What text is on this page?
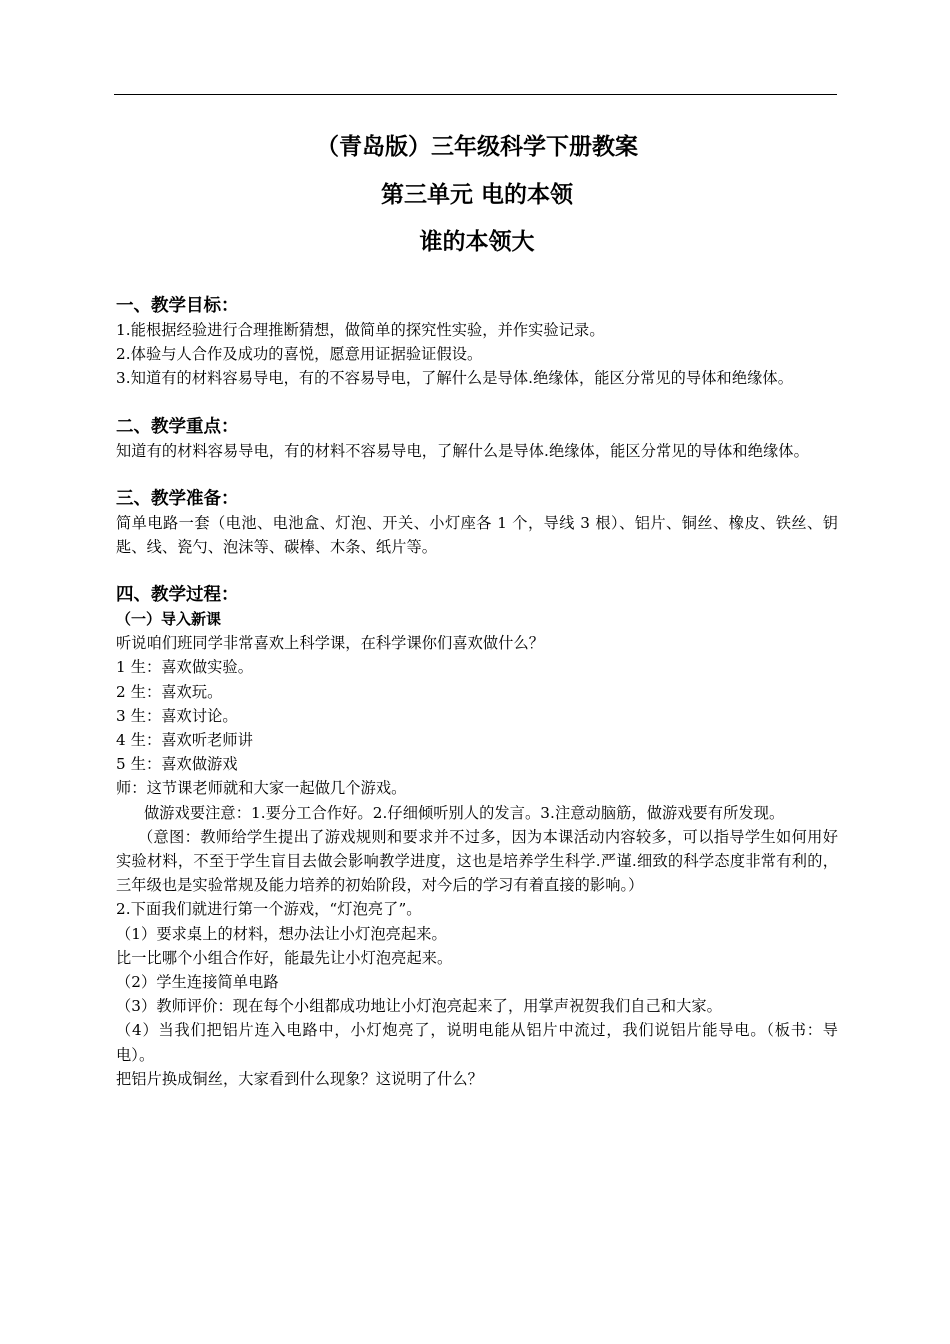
（青岛版）三年级科学下册教案
第三单元 电的本领
谁的本领大
一、教学目标：
1.能根据经验进行合理推断猜想，做简单的探究性实验，并作实验记录。
2.体验与人合作及成功的喜悦，愿意用证据验证假设。
3.知道有的材料容易导电，有的不容易导电，了解什么是导体.绝缘体，能区分常见的导体和绝缘体。
二、教学重点：
知道有的材料容易导电，有的材料不容易导电，了解什么是导体.绝缘体，能区分常见的导体和绝缘体。
三、教学准备：
简单电路一套（电池、电池盒、灯泡、开关、小灯座各 1 个，导线 3 根）、铝片、铜丝、橡皮、铁丝、钥匙、线、瓷勺、泡沫等、碳棒、木条、纸片等。
四、教学过程：
（一）导入新课
听说咱们班同学非常喜欢上科学课，在科学课你们喜欢做什么？
1 生：喜欢做实验。
2 生：喜欢玩。
3 生：喜欢讨论。
4 生：喜欢听老师讲
5 生：喜欢做游戏
师：这节课老师就和大家一起做几个游戏。
做游戏要注意：1.要分工合作好。2.仔细倾听别人的发言。3.注意动脑筋，做游戏要有所发现。
（意图：教师给学生提出了游戏规则和要求并不过多，因为本课活动内容较多，可以指导学生如何用好实验材料，不至于学生盲目去做会影响教学进度，这也是培养学生科学.严谨.细致的科学态度非常有利的，三年级也是实验常规及能力培养的初始阶段，对今后的学习有着直接的影响。）
2.下面我们就进行第一个游戏，“灯泡亮了”。
（1）要求桌上的材料，想办法让小灯泡亮起来。
比一比哪个小组合作好，能最先让小灯泡亮起来。
（2）学生连接简单电路
（3）教师评价：现在每个小组都成功地让小灯泡亮起来了，用掌声祝贺我们自己和大家。
（4）当我们把铝片连入电路中，小灯炮亮了，说明电能从铝片中流过，我们说铝片能导电。（板书：导电）。
把铝片换成铜丝，大家看到什么现象？这说明了什么？
